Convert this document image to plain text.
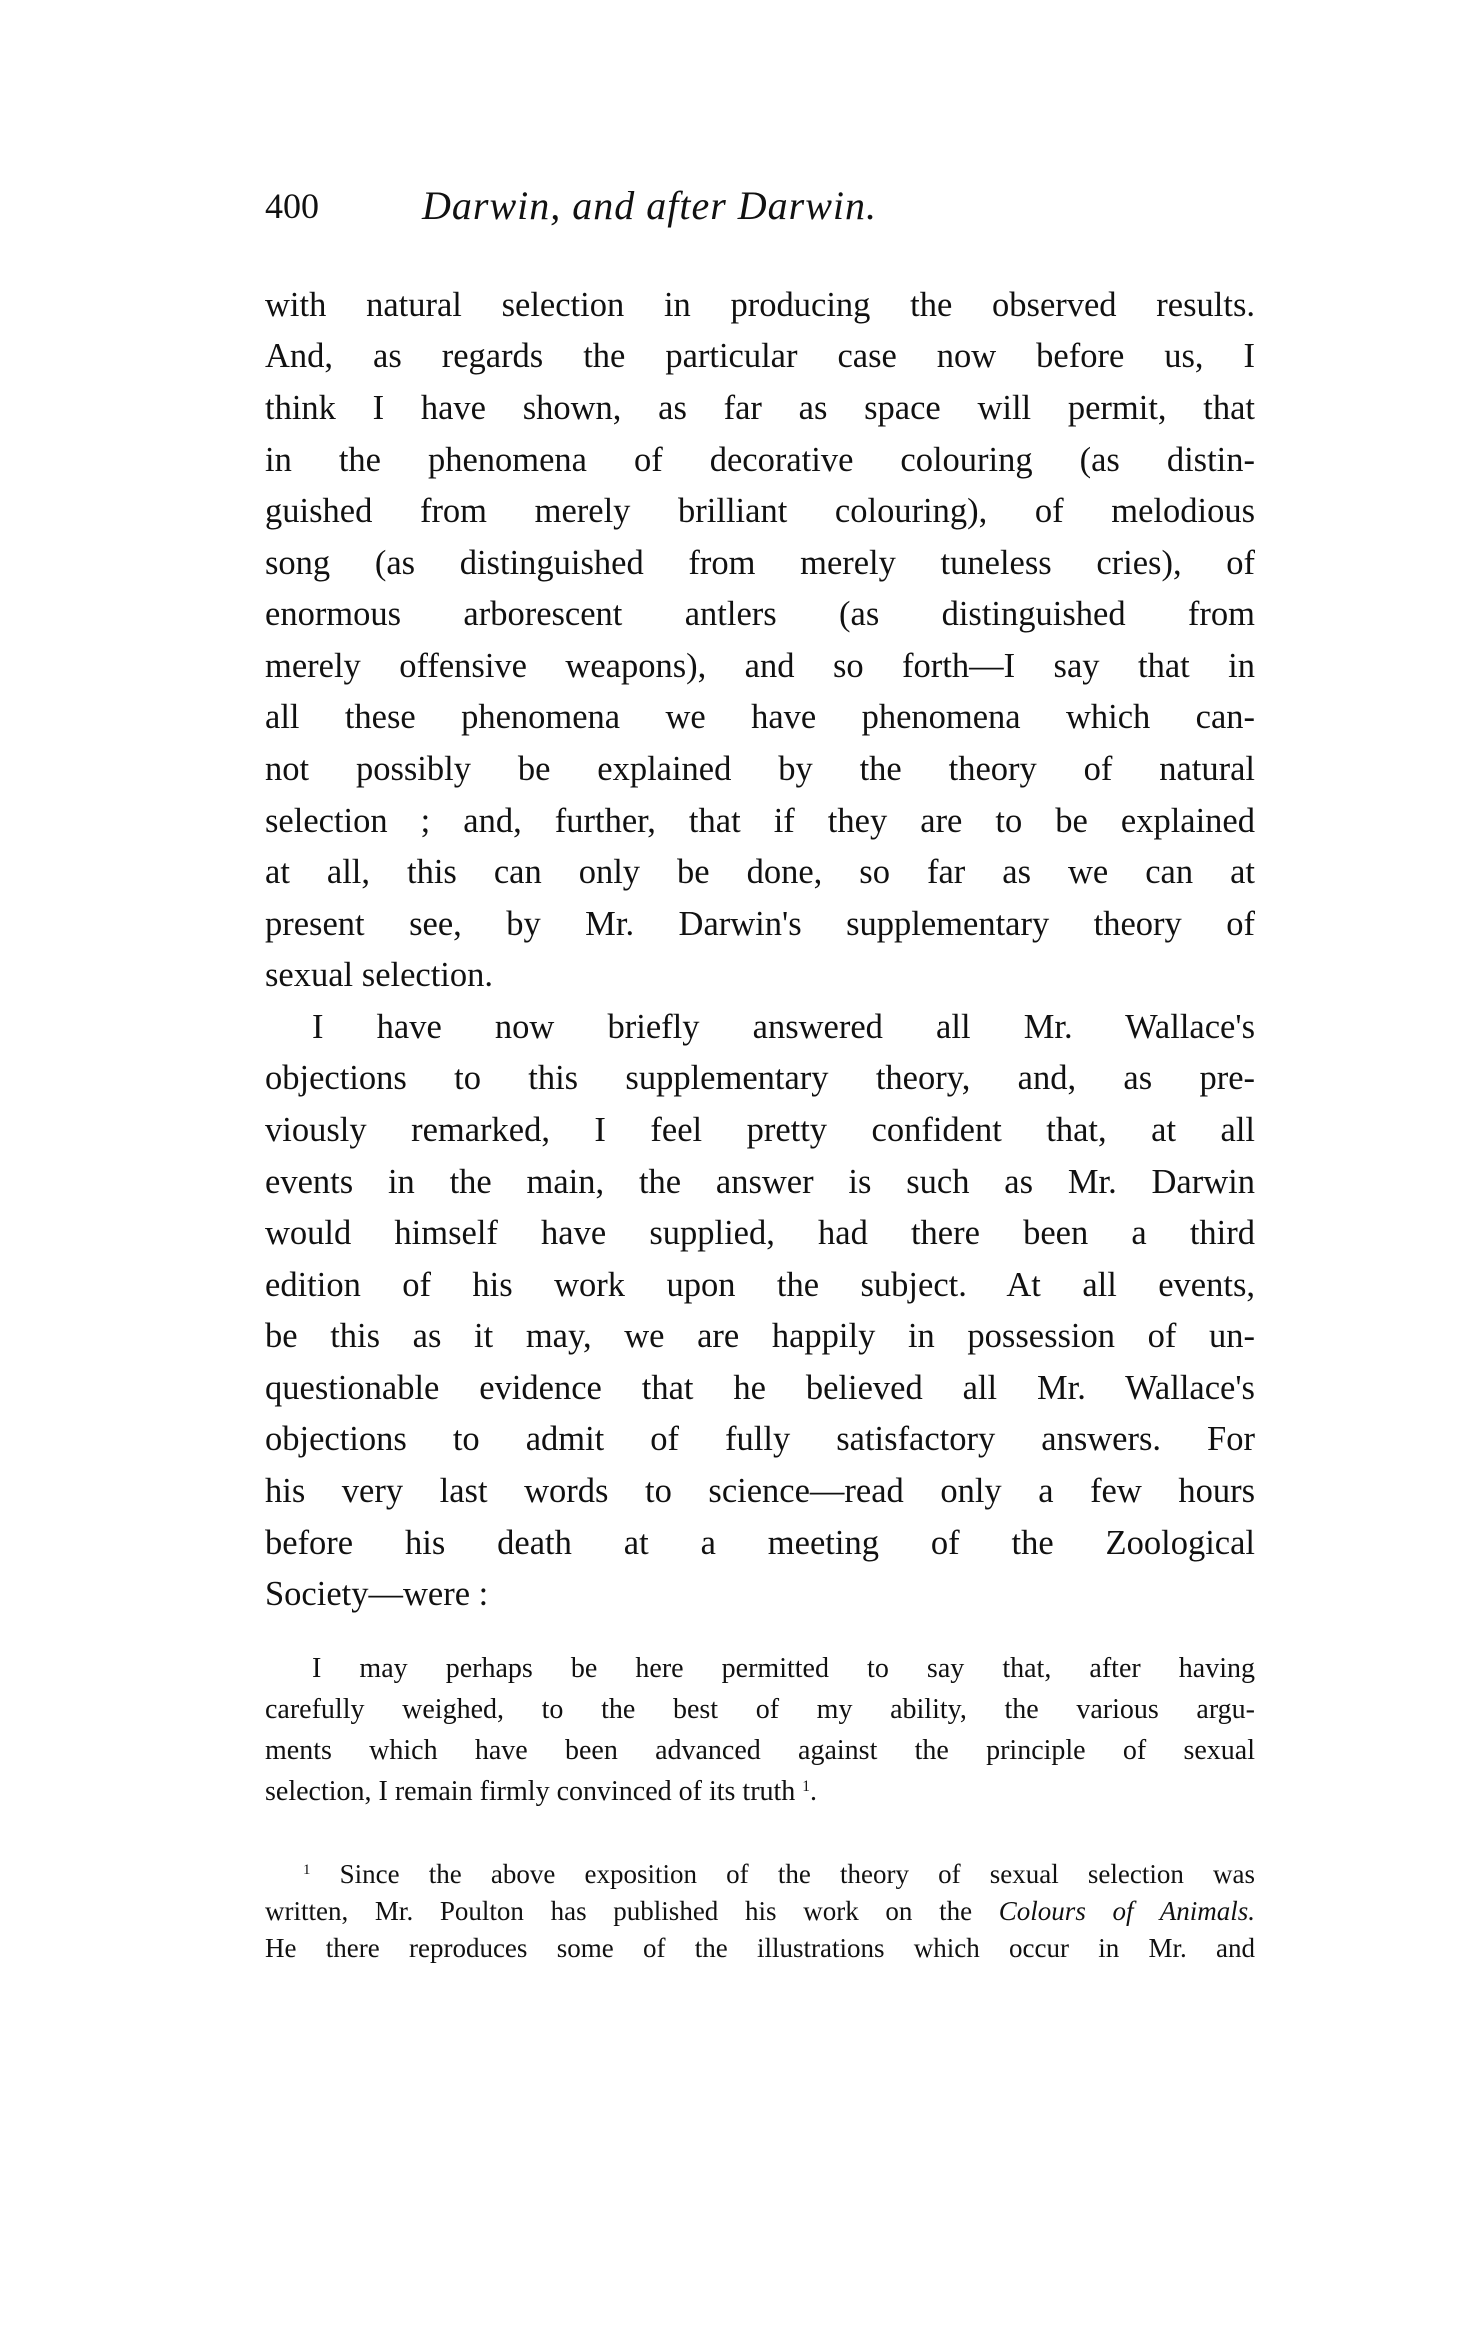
400	Darwin, and after Darwin.
with natural selection in producing the observed results.
And, as regards the particular case now before us, I
think I have shown, as far as space will permit, that
in the phenomena of decorative colouring (as distin-
guished from merely brilliant colouring), of melodious
song (as distinguished from merely tuneless cries), of
enormous arborescent antlers (as distinguished from
merely offensive weapons), and so forth—I say that in
all these phenomena we have phenomena which can-
not possibly be explained by the theory of natural
selection ; and, further, that if they are to be explained
at all, this can only be done, so far as we can at
present see, by Mr. Darwin's supplementary theory of
sexual selection.
I have now briefly answered all Mr. Wallace's
objections to this supplementary theory, and, as pre-
viously remarked, I feel pretty confident that, at all
events in the main, the answer is such as Mr. Darwin
would himself have supplied, had there been a third
edition of his work upon the subject. At all events,
be this as it may, we are happily in possession of un-
questionable evidence that he believed all Mr. Wallace's
objections to admit of fully satisfactory answers. For
his very last words to science—read only a few hours
before his death at a meeting of the Zoological
Society—were :
I may perhaps be here permitted to say that, after having
carefully weighed, to the best of my ability, the various argu-
ments which have been advanced against the principle of sexual
selection, I remain firmly convinced of its truth $^1$.
$^1$ Since the above exposition of the theory of sexual selection was
written, Mr. Poulton has published his work on the Colours of Animals.
He there reproduces some of the illustrations which occur in Mr. and
